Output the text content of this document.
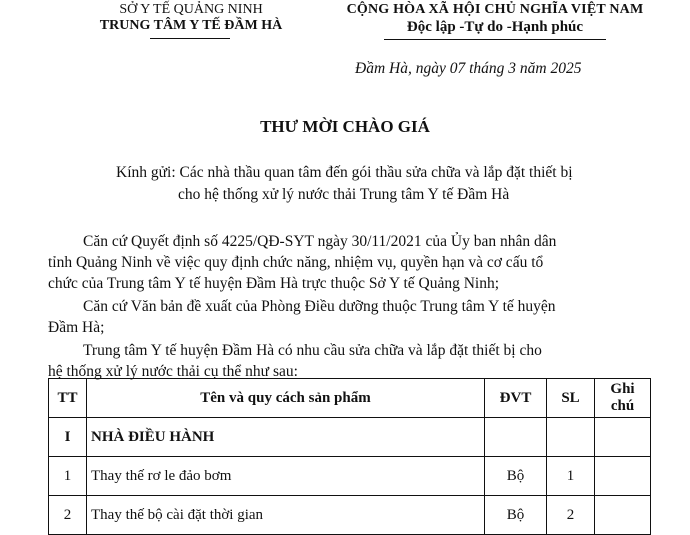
SỞ Y TẾ QUẢNG NINH
TRUNG TÂM Y TẾ ĐẦM HÀ
CỘNG HÒA XÃ HỘI CHỦ NGHĨA VIỆT NAM
Độc lập -Tự do -Hạnh phúc
Đầm Hà, ngày 07 tháng 3 năm 2025
THƯ MỜI CHÀO GIÁ
Kính gửi: Các nhà thầu quan tâm đến gói thầu sửa chữa và lắp đặt thiết bị
cho hệ thống xử lý nước thải Trung tâm Y tế Đầm Hà
Căn cứ Quyết định số 4225/QĐ-SYT ngày 30/11/2021 của Ủy ban nhân dân
tỉnh Quảng Ninh về việc quy định chức năng, nhiệm vụ, quyền hạn và cơ cấu tổ
chức của Trung tâm Y tế huyện Đầm Hà trực thuộc Sở Y tế Quảng Ninh;
Căn cứ Văn bản đề xuất của Phòng Điều dưỡng thuộc Trung tâm Y tế huyện
Đầm Hà;
Trung tâm Y tế huyện Đầm Hà có nhu cầu sửa chữa và lắp đặt thiết bị cho
hệ thống xử lý nước thải cụ thể như sau:
TT	Tên và quy cách sản phẩm	ĐVT	SL	Ghi chú
I	NHÀ ĐIỀU HÀNH			
1	Thay thế rơ le đảo bơm	Bộ	1	
2	Thay thế bộ cài đặt thời gian	Bộ	2	
